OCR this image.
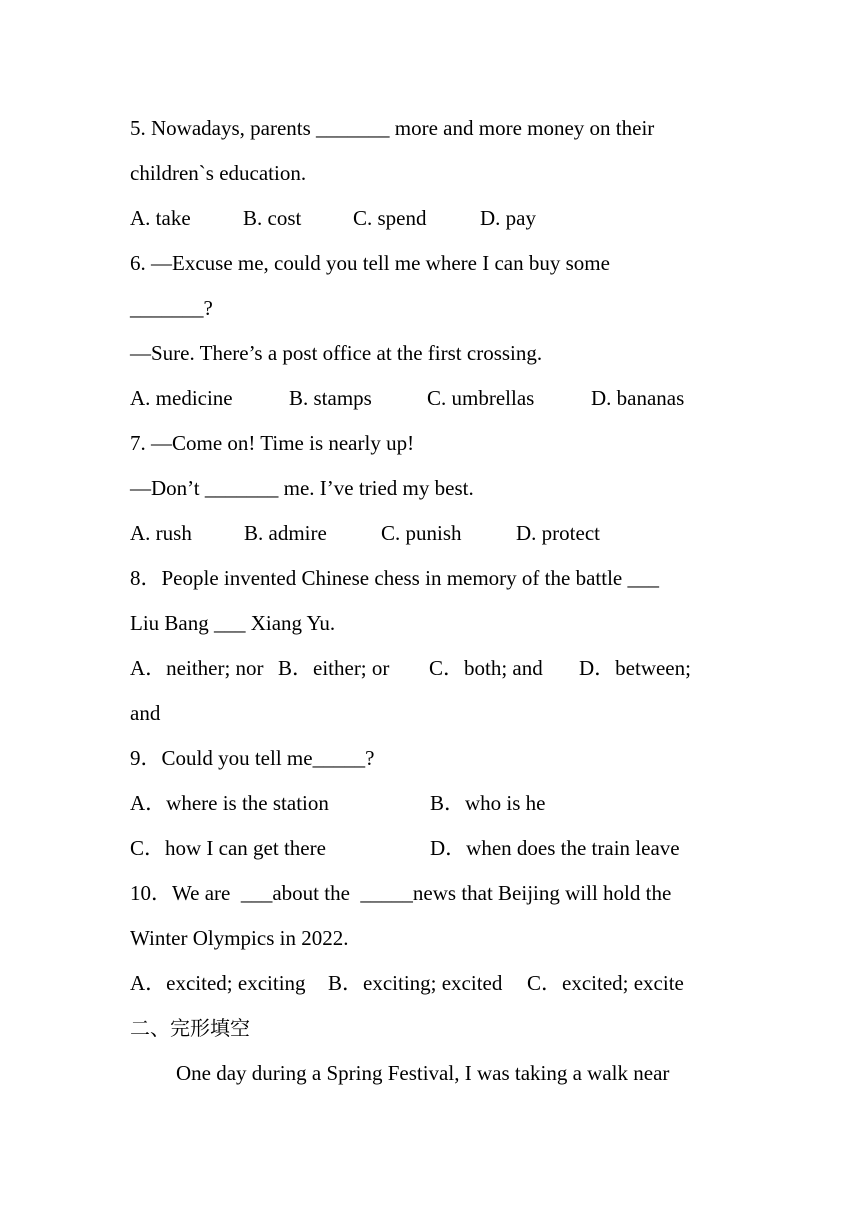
5. Nowadays, parents _______ more and more money on their
children`s education.
A. take B. cost C. spend	D. pay
6. —Excuse me, could you tell me where I can buy some
_______?
—Sure. There’s a post office at the first crossing.
A. medicine	B. stamps	C. umbrellas	D. bananas
7. —Come on! Time is nearly up!
—Don’t _______ me. I’ve tried my best.
A. rush B. admire	C. punish	D. protect
8．People invented Chinese chess in memory of the battle ___
Liu Bang ___ Xiang Yu.
A．neither; nor B．either; or C．both; and D．between;
and
9．Could you tell me_____?
A．where is the station	B．who is he
C．how I can get there	D．when does the train leave
10．We are  ___about the  _____news that Beijing will hold the
Winter Olympics in 2022.
A．excited; exciting B．exciting; excited C．excited; excite
二、完形填空
One day during a Spring Festival, I was taking a walk near
